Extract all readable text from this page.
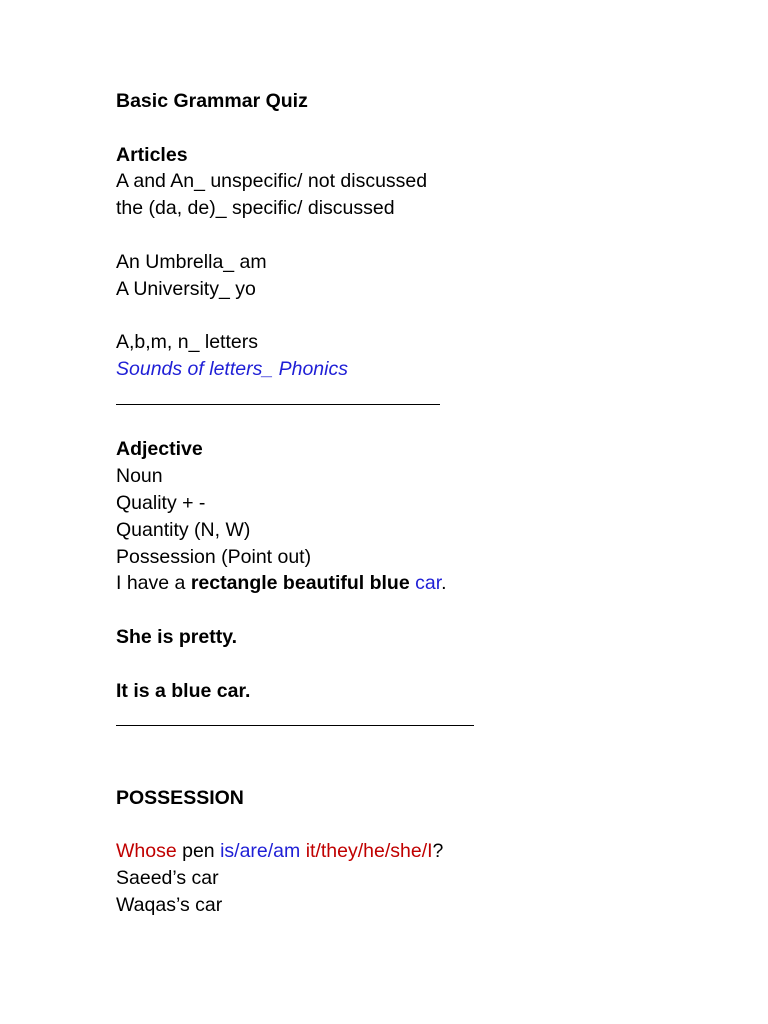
Basic Grammar Quiz
Articles
A and An_ unspecific/ not discussed
the (da, de)_ specific/ discussed
An Umbrella_ am
A University_ yo
A,b,m, n_ letters
Sounds of letters_ Phonics
Adjective
Noun
Quality + -
Quantity (N, W)
Possession (Point out)
I have a rectangle beautiful blue car.
She is pretty.
It is a blue car.
POSSESSION
Whose pen is/are/am it/they/he/she/I?
Saeed’s car
Waqas’s car
